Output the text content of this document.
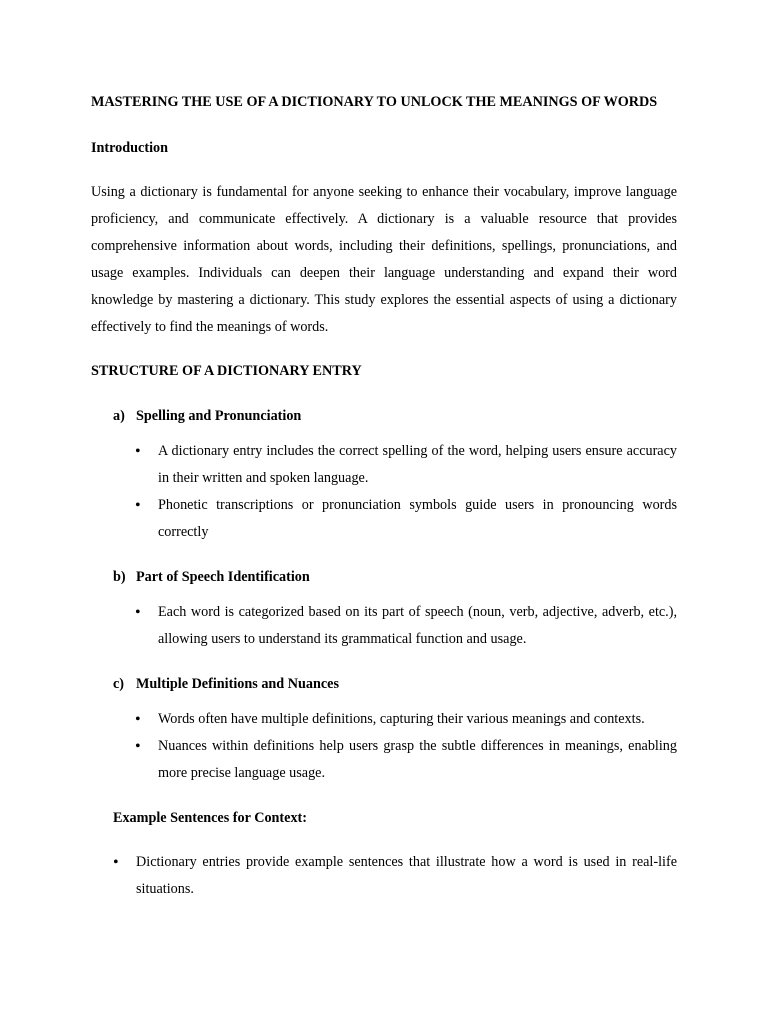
MASTERING THE USE OF A DICTIONARY TO UNLOCK THE MEANINGS OF WORDS

Introduction

Using a dictionary is fundamental for anyone seeking to enhance their vocabulary, improve language proficiency, and communicate effectively. A dictionary is a valuable resource that provides comprehensive information about words, including their definitions, spellings, pronunciations, and usage examples. Individuals can deepen their language understanding and expand their word knowledge by mastering a dictionary. This study explores the essential aspects of using a dictionary effectively to find the meanings of words.

STRUCTURE OF A DICTIONARY ENTRY

a) Spelling and Pronunciation
• A dictionary entry includes the correct spelling of the word, helping users ensure accuracy in their written and spoken language.
• Phonetic transcriptions or pronunciation symbols guide users in pronouncing words correctly
b) Part of Speech Identification
• Each word is categorized based on its part of speech (noun, verb, adjective, adverb, etc.), allowing users to understand its grammatical function and usage.
c) Multiple Definitions and Nuances
• Words often have multiple definitions, capturing their various meanings and contexts.
• Nuances within definitions help users grasp the subtle differences in meanings, enabling more precise language usage.

Example Sentences for Context:

• Dictionary entries provide example sentences that illustrate how a word is used in real-life situations.
